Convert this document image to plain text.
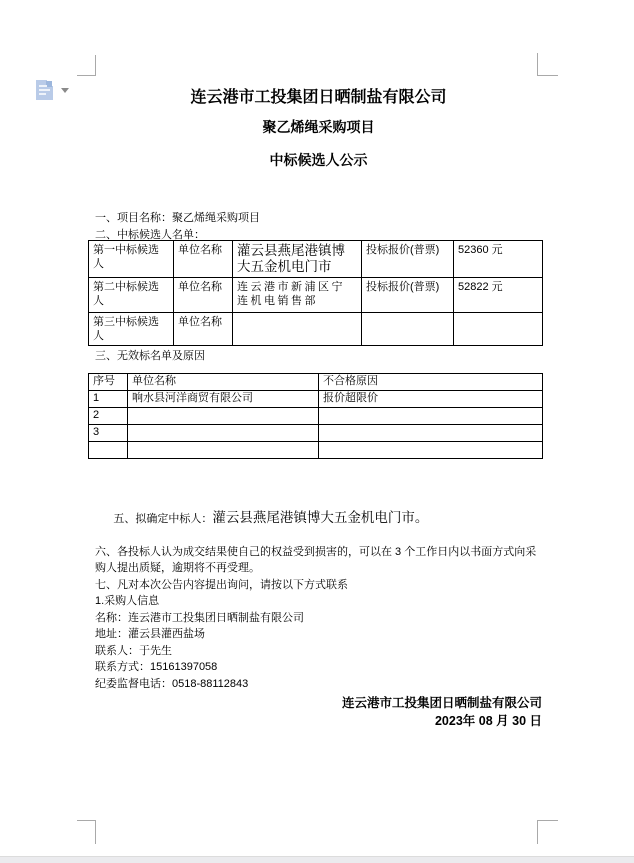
连云港市工投集团日晒制盐有限公司
聚乙烯绳采购项目
中标候选人公示
一、项目名称：聚乙烯绳采购项目
二、中标候选人名单：
第一中标候选人	单位名称	灌云县燕尾港镇博大五金机电门市	投标报价(普票)	52360 元
第二中标候选人	单位名称	连云港市新浦区宁连机电销售部	投标报价(普票)	52822 元
第三中标候选人	单位名称			
三、无效标名单及原因
序号	单位名称	不合格原因
1	响水县河洋商贸有限公司	报价超限价
2		
3		

五、拟确定中标人：灌云县燕尾港镇博大五金机电门市。

六、各投标人认为成交结果使自己的权益受到损害的，可以在 3 个工作日内以书面方式向采
购人提出质疑，逾期将不再受理。
七、凡对本次公告内容提出询问，请按以下方式联系
1.采购人信息
名称：连云港市工投集团日晒制盐有限公司
地址：灌云县灌西盐场
联系人：于先生
联系方式：15161397058
纪委监督电话：0518-88112843
连云港市工投集团日晒制盐有限公司
2023年 08 月 30 日
